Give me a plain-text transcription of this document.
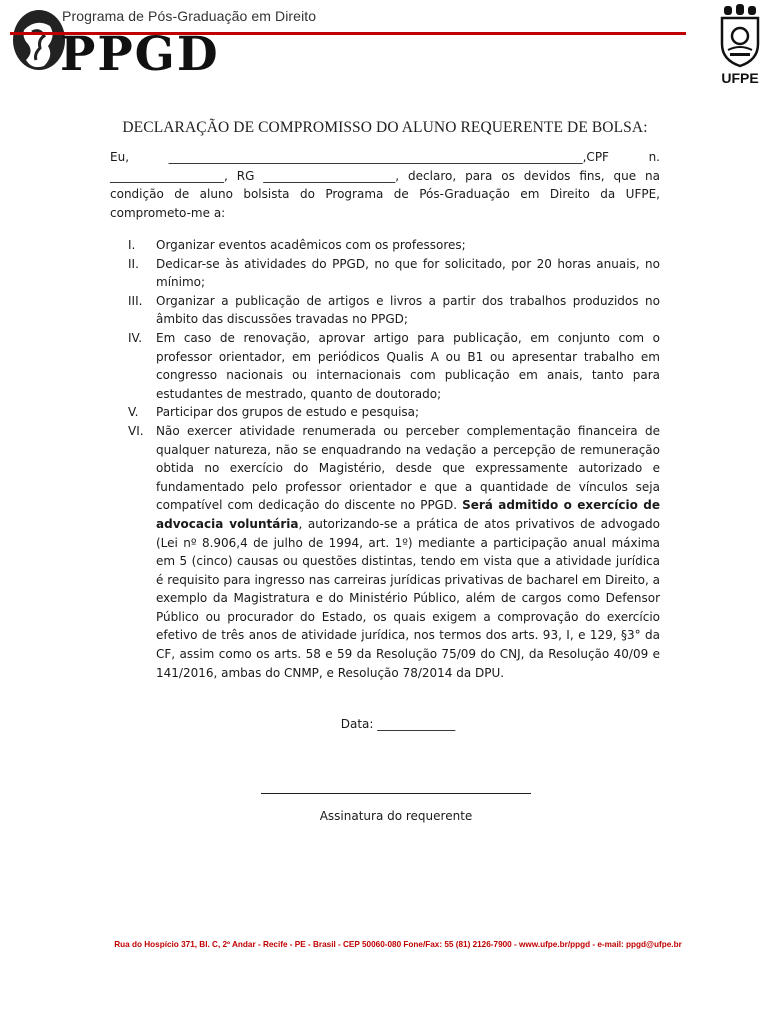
Programa de Pós-Graduação em Direito
PPGD	UFPE
DECLARAÇÃO DE COMPROMISSO DO ALUNO REQUERENTE DE BOLSA:

Eu, _____________________________________________________________________,CPF n. ___________________, RG ______________________, declaro, para os devidos fins, que na condição de aluno bolsista do Programa de Pós-Graduação em Direito da UFPE, comprometo-me a:

I.	Organizar eventos acadêmicos com os professores;
II.	Dedicar-se às atividades do PPGD, no que for solicitado, por 20 horas anuais, no mínimo;
III.	Organizar a publicação de artigos e livros a partir dos trabalhos produzidos no âmbito das discussões travadas no PPGD;
IV.	Em caso de renovação, aprovar artigo para publicação, em conjunto com o professor orientador, em periódicos Qualis A ou B1 ou apresentar trabalho em congresso nacionais ou internacionais com publicação em anais, tanto para estudantes de mestrado, quanto de doutorado;
V.	Participar dos grupos de estudo e pesquisa;
VI.	Não exercer atividade renumerada ou perceber complementação financeira de qualquer natureza, não se enquadrando na vedação a percepção de remuneração obtida no exercício do Magistério, desde que expressamente autorizado e fundamentado pelo professor orientador e que a quantidade de vínculos seja compatível com dedicação do discente no PPGD. Será admitido o exercício de advocacia voluntária, autorizando-se a prática de atos privativos de advogado (Lei nº 8.906,4 de julho de 1994, art. 1º) mediante a participação anual máxima em 5 (cinco) causas ou questões distintas, tendo em vista que a atividade jurídica é requisito para ingresso nas carreiras jurídicas privativas de bacharel em Direito, a exemplo da Magistratura e do Ministério Público, além de cargos como Defensor Público ou procurador do Estado, os quais exigem a comprovação do exercício efetivo de três anos de atividade jurídica, nos termos dos arts. 93, I, e 129, §3° da CF, assim como os arts. 58 e 59 da Resolução 75/09 do CNJ, da Resolução 40/09 e 141/2016, ambas do CNMP, e Resolução 78/2014 da DPU.
Data: _____________
Assinatura do requerente
Rua do Hospício 371, Bl. C, 2º Andar - Recife - PE - Brasil - CEP 50060-080 Fone/Fax: 55 (81) 2126-7900 - www.ufpe.br/ppgd - e-mail: ppgd@ufpe.br
